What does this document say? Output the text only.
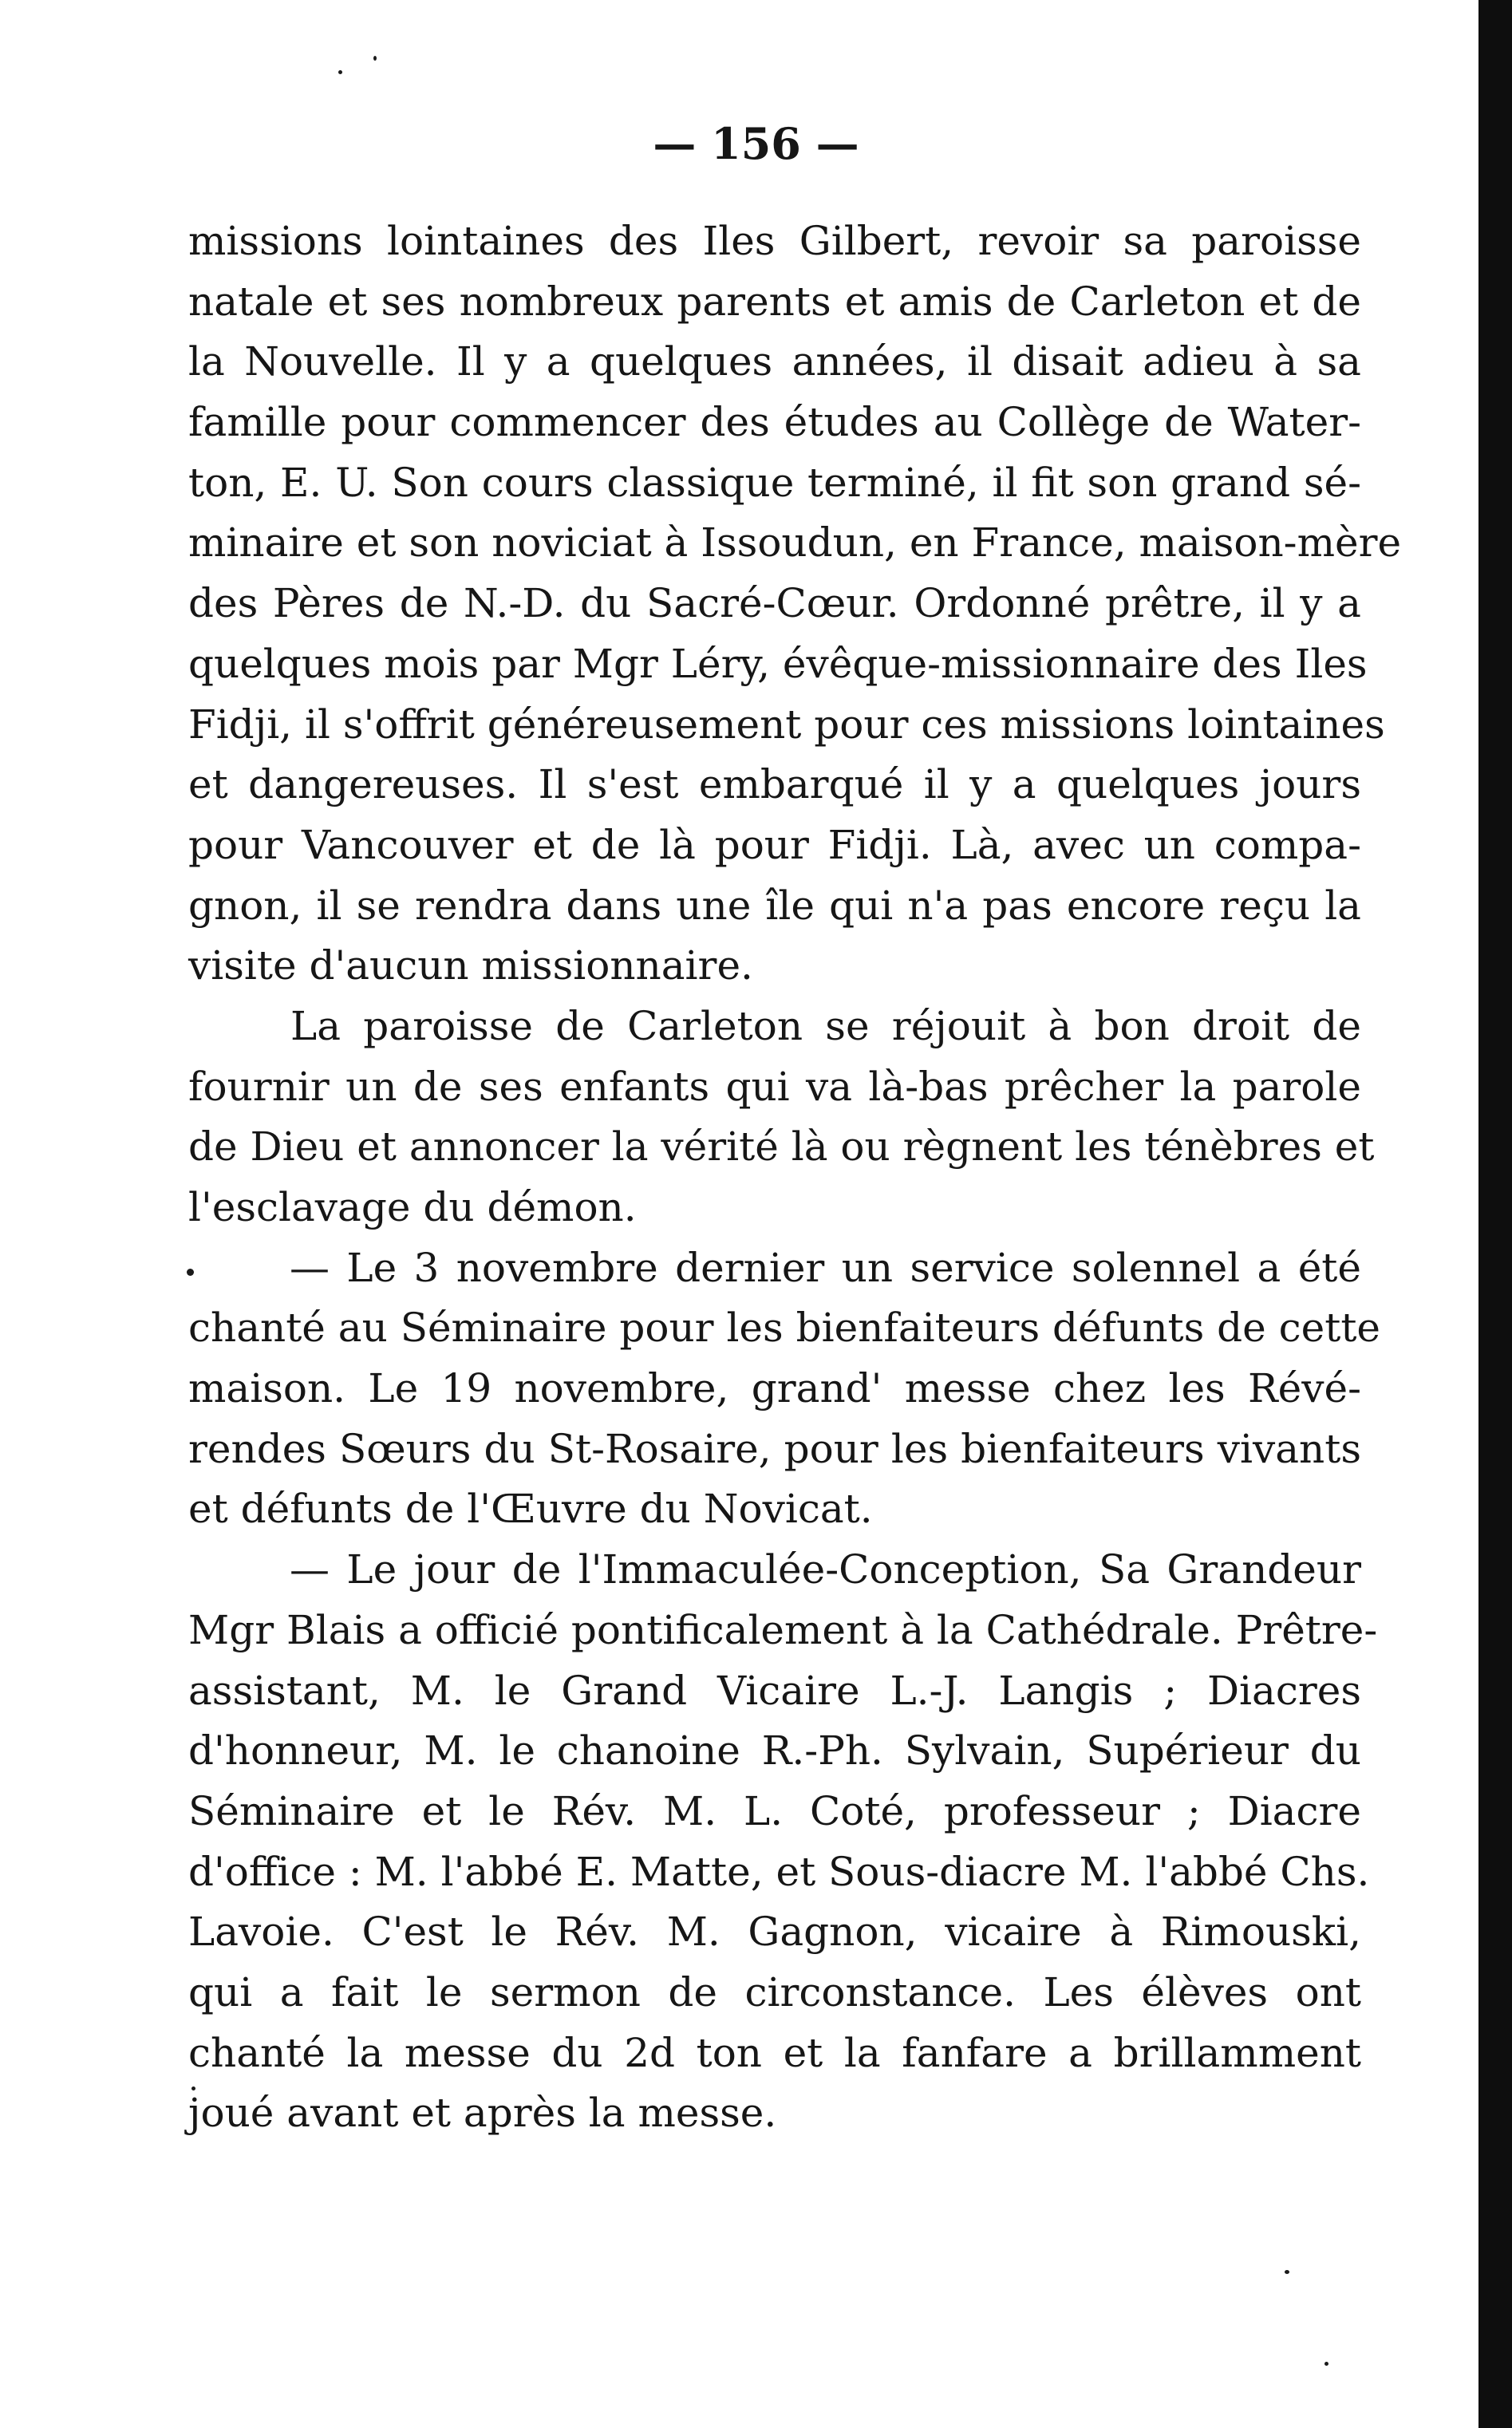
— 156 —
missions lointaines des Iles Gilbert, revoir sa paroisse
natale et ses nombreux parents et amis de Carleton et de
la Nouvelle. Il y a quelques années, il disait adieu à sa
famille pour commencer des études au Collège de Water-
ton, E. U. Son cours classique terminé, il fit son grand sé-
minaire et son noviciat à Issoudun, en France, maison-mère
des Pères de N.-D. du Sacré-Cœur. Ordonné prêtre, il y a
quelques mois par Mgr Léry, évêque-missionnaire des Iles
Fidji, il s'offrit généreusement pour ces missions lointaines
et dangereuses. Il s'est embarqué il y a quelques jours
pour Vancouver et de là pour Fidji. Là, avec un compa-
gnon, il se rendra dans une île qui n'a pas encore reçu la
visite d'aucun missionnaire.
La paroisse de Carleton se réjouit à bon droit de
fournir un de ses enfants qui va là-bas prêcher la parole
de Dieu et annoncer la vérité là ou règnent les ténèbres et
l'esclavage du démon.
— Le 3 novembre dernier un service solennel a été
chanté au Séminaire pour les bienfaiteurs défunts de cette
maison. Le 19 novembre, grand' messe chez les Révé-
rendes Sœurs du St-Rosaire, pour les bienfaiteurs vivants
et défunts de l'Œuvre du Novicat.
— Le jour de l'Immaculée-Conception, Sa Grandeur
Mgr Blais a officié pontificalement à la Cathédrale. Prêtre-
assistant, M. le Grand Vicaire L.-J. Langis ; Diacres
d'honneur, M. le chanoine R.-Ph. Sylvain, Supérieur du
Séminaire et le Rév. M. L. Coté, professeur ; Diacre
d'office : M. l'abbé E. Matte, et Sous-diacre M. l'abbé Chs.
Lavoie. C'est le Rév. M. Gagnon, vicaire à Rimouski,
qui a fait le sermon de circonstance. Les élèves ont
chanté la messe du 2d ton et la fanfare a brillamment
joué avant et après la messe.
